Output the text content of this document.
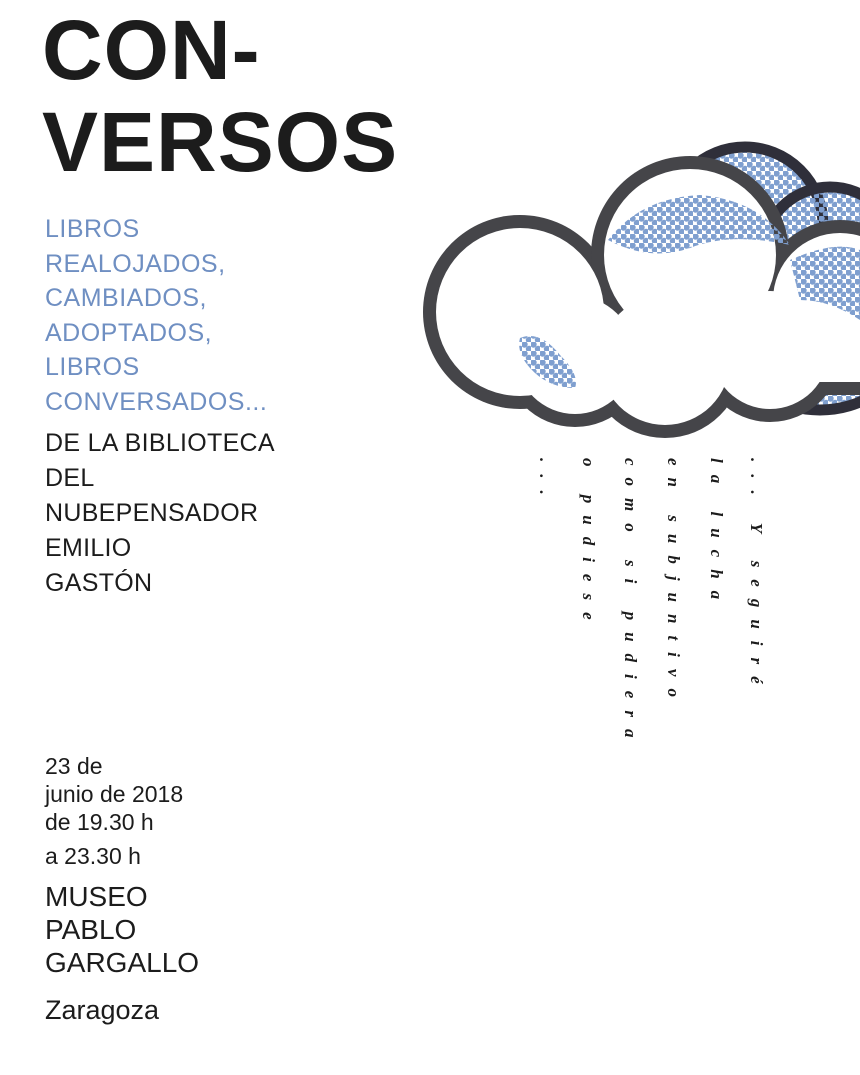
CON-
VERSOS
LIBROS
REALOJADOS,
CAMBIADOS,
ADOPTADOS,
LIBROS
CONVERSADOS...
DE LA BIBLIOTECA
DEL
NUBEPENSADOR
EMILIO
GASTÓN
23 de
junio de 2018
de 19.30 h
a 23.30 h
MUSEO
PABLO
GARGALLO
Zaragoza
... Y seguiré
la lucha
en subjuntivo
como si pudiera
o pudiese
...
